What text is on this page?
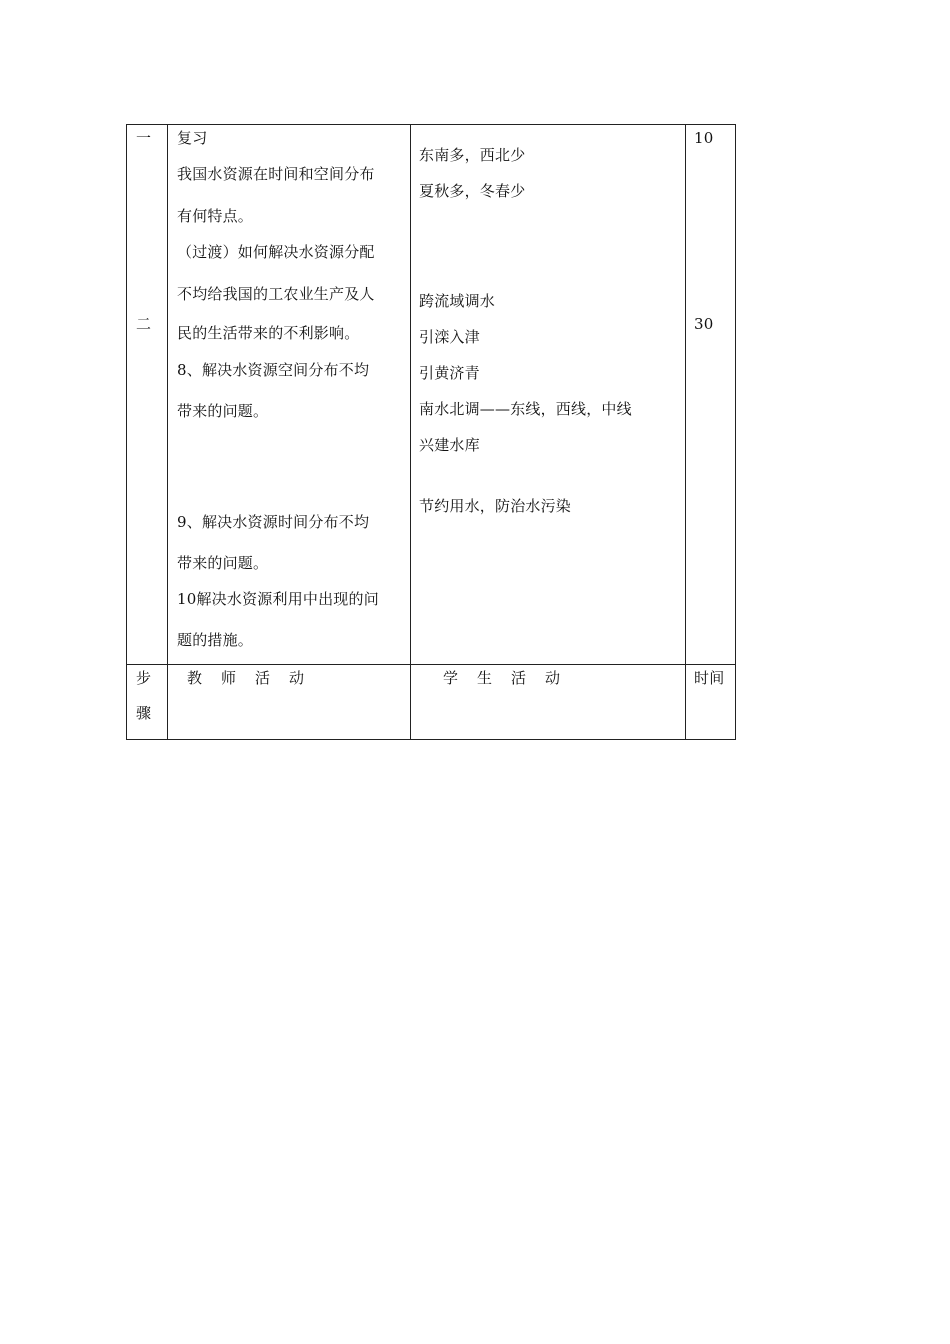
一
二
复习
我国水资源在时间和空间分布
有何特点。
（过渡）如何解决水资源分配
不均给我国的工农业生产及人
民的生活带来的不利影响。
8、解决水资源空间分布不均
带来的问题。
9、解决水资源时间分布不均
带来的问题。
10解决水资源利用中出现的问
题的措施。
东南多，西北少
夏秋多，冬春少
跨流域调水
引滦入津
引黄济青
南水北调——东线，西线，中线
兴建水库
节约用水，防治水污染
10
30
步
骤
教　师　活　动	学　生　活　动	时间
